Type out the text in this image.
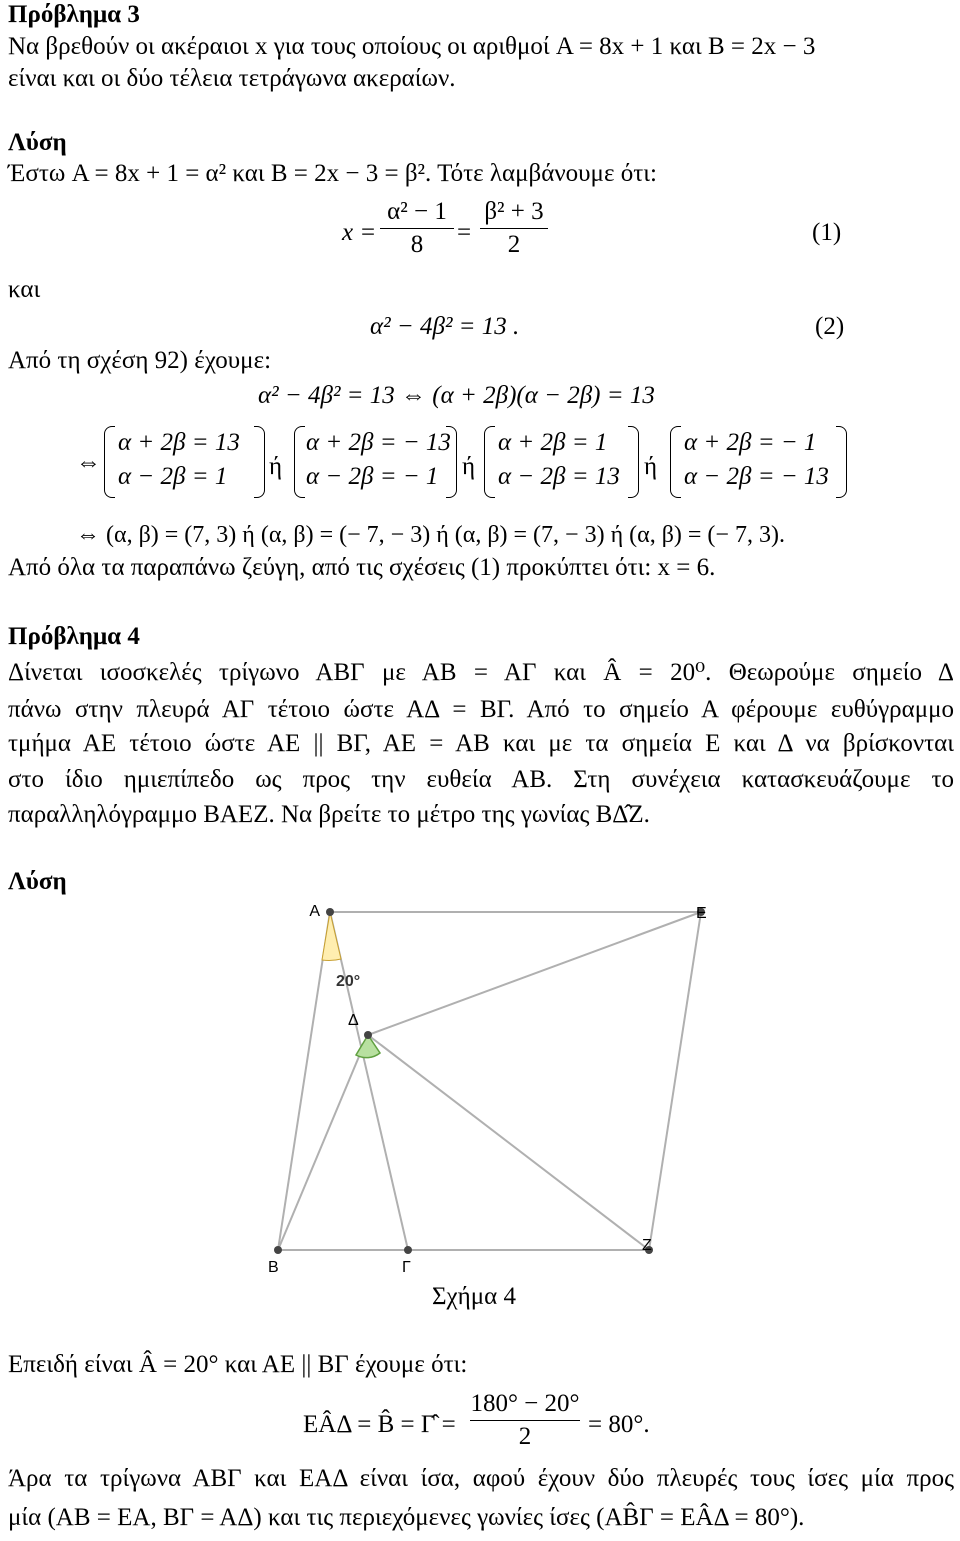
Πρόβλημα 3
Να βρεθούν οι ακέραιοι x για τους οποίους οι αριθμοί A = 8x + 1 και B = 2x − 3
είναι και οι δύο τέλεια τετράγωνα ακεραίων.
Λύση
Έστω A = 8x + 1 = α² και B = 2x − 3 = β². Τότε λαμβάνουμε ότι:
x =
α² − 1
8	=
β² + 3
2	(1)
και
α² − 4β² = 13 .	(2)
Από τη σχέση 92) έχουμε:
α² − 4β² = 13 ⇔ (α + 2β)(α − 2β) = 13
⇔
α + 2β = 13
α − 2β = 1	ή
α + 2β = − 13
α − 2β = − 1 ή
α + 2β = 1
α − 2β = 13 ή
α + 2β = − 1
α − 2β = − 13
⇔ (α, β) = (7, 3) ή (α, β) = (− 7, − 3) ή (α, β) = (7, − 3) ή (α, β) = (− 7, 3).
Από όλα τα παραπάνω ζεύγη, από τις σχέσεις (1) προκύπτει ότι: x = 6.
Πρόβλημα 4
Δίνεται ισοσκελές τρίγωνο ΑΒΓ με ΑΒ = ΑΓ και Â = 20⁰. Θεωρούμε σημείο Δ
πάνω στην πλευρά ΑΓ τέτοιο ώστε ΑΔ = ΒΓ. Από το σημείο Α φέρουμε ευθύγραμμο
τμήμα ΑΕ τέτοιο ώστε ΑΕ || ΒΓ, ΑΕ = ΑΒ και με τα σημεία Ε και Δ να βρίσκονται
στο ίδιο ημιεπίπεδο ως προς την ευθεία ΑΒ. Στη συνέχεια κατασκευάζουμε το
παραλληλόγραμμο ΒΑΕΖ. Να βρείτε το μέτρο της γωνίας ΒΔ̂Ζ.
Λύση
A	E
Δ
B	Γ
Z
20°
Σχήμα 4
Επειδή είναι Â = 20° και ΑΕ || ΒΓ έχουμε ότι:
ΕÂΔ = B̂ = Γ̂ =
180° − 20°
2	= 80°.
Άρα τα τρίγωνα ΑΒΓ και ΕΑΔ είναι ίσα, αφού έχουν δύο πλευρές τους ίσες μία προς
μία (ΑΒ = ΕΑ, ΒΓ = ΑΔ) και τις περιεχόμενες γωνίες ίσες (ΑB̂Γ = ΕÂΔ = 80°).
